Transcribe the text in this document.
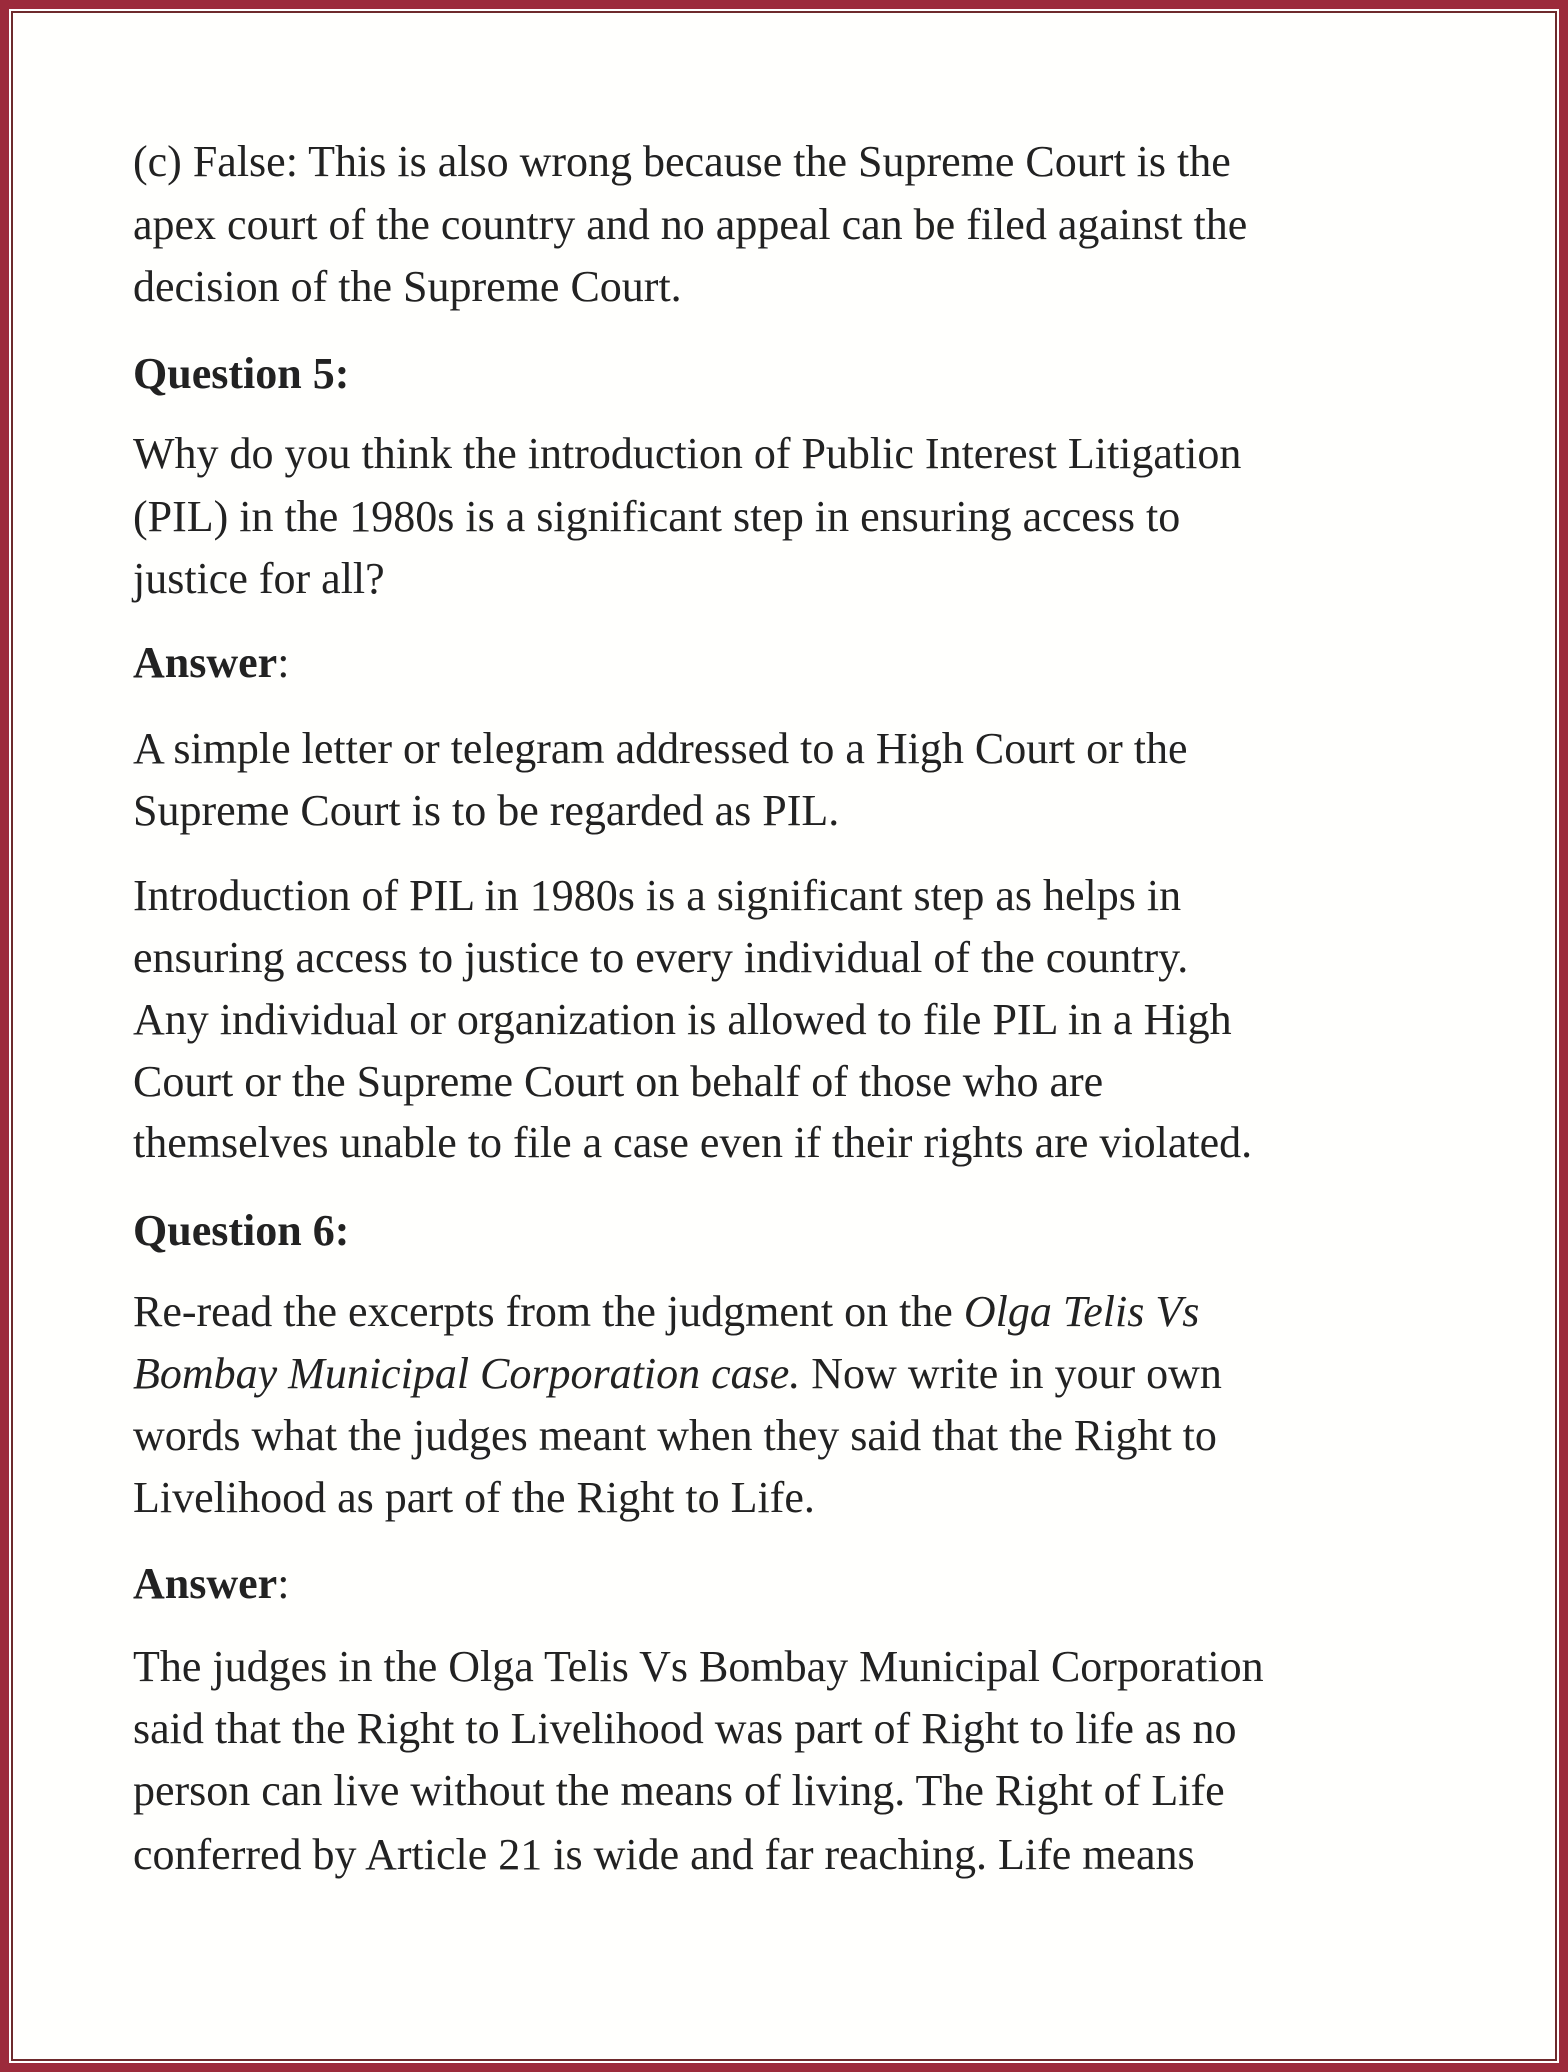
(c) False: This is also wrong because the Supreme Court is the
apex court of the country and no appeal can be filed against the
decision of the Supreme Court.
Question 5:
Why do you think the introduction of Public Interest Litigation
(PIL) in the 1980s is a significant step in ensuring access to
justice for all?
Answer:
A simple letter or telegram addressed to a High Court or the
Supreme Court is to be regarded as PIL.
Introduction of PIL in 1980s is a significant step as helps in
ensuring access to justice to every individual of the country.
Any individual or organization is allowed to file PIL in a High
Court or the Supreme Court on behalf of those who are
themselves unable to file a case even if their rights are violated.
Question 6:
Re-read the excerpts from the judgment on the Olga Telis Vs
Bombay Municipal Corporation case. Now write in your own
words what the judges meant when they said that the Right to
Livelihood as part of the Right to Life.
Answer:
The judges in the Olga Telis Vs Bombay Municipal Corporation
said that the Right to Livelihood was part of Right to life as no
person can live without the means of living. The Right of Life
conferred by Article 21 is wide and far reaching. Life means
